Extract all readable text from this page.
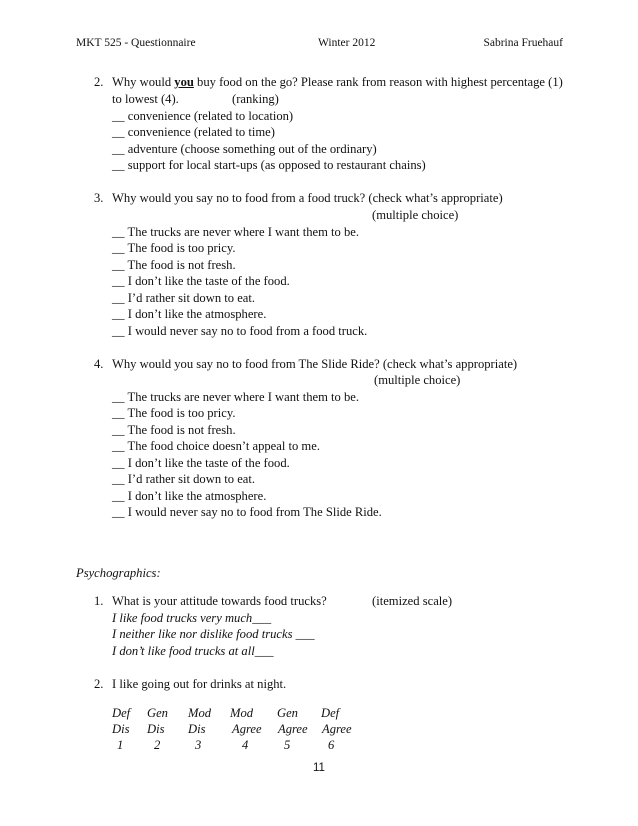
MKT 525 - Questionnaire	Winter 2012	Sabrina Fruehauf
2. Why would you buy food on the go? Please rank from reason with highest percentage (1)
to lowest (4).	(ranking)
__ convenience (related to location)
__ convenience (related to time)
__ adventure (choose something out of the ordinary)
__ support for local start-ups (as opposed to restaurant chains)
3. Why would you say no to food from a food truck? (check what’s appropriate)
(multiple choice)
__ The trucks are never where I want them to be.
__ The food is too pricy.
__ The food is not fresh.
__ I don’t like the taste of the food.
__ I’d rather sit down to eat.
__ I don’t like the atmosphere.
__ I would never say no to food from a food truck.
4. Why would you say no to food from The Slide Ride? (check what’s appropriate)
(multiple choice)
__ The trucks are never where I want them to be.
__ The food is too pricy.
__ The food is not fresh.
__ The food choice doesn’t appeal to me.
__ I don’t like the taste of the food.
__ I’d rather sit down to eat.
__ I don’t like the atmosphere.
__ I would never say no to food from The Slide Ride.
Psychographics:
1. What is your attitude towards food trucks?	(itemized scale)
I like food trucks very much___
I neither like nor dislike food trucks ___
I don’t like food trucks at all___
2. I like going out for drinks at night.
Def Gen Mod Mod Gen Def
Dis Dis Dis Agree Agree Agree
1 2	3	4	5	6
11
